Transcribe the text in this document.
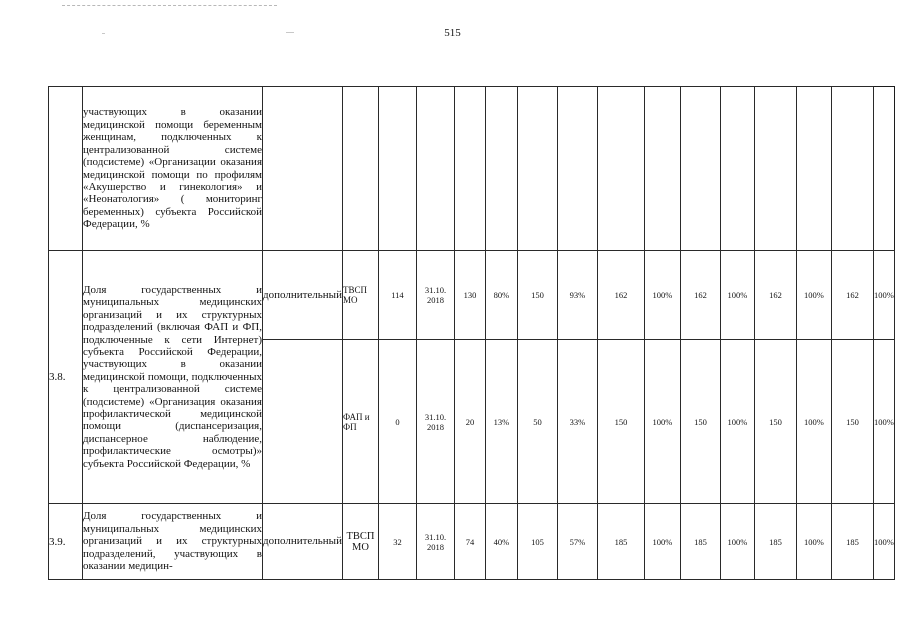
515
	участвующих в оказании медицинской помощи беременным женщинам, подключенных к централизованной системе (подсистеме) «Организации оказания медицинской помощи по профилям «Акушерство и гинекология» и «Неонатология» ( мониторинг беременных) субъекта Российской Федерации, %																
3.8.	Доля государственных и муниципальных медицинских организаций и их структурных подразделений (включая ФАП и ФП, подключенные к сети Интернет) субъекта Российской Федерации, участвующих в оказании медицинской помощи, подключенных к централизованной системе (подсистеме) «Организация оказания профилактической медицинской помощи (диспансеризация, диспансерное наблюдение, профилактические осмотры)» субъекта Российской Федерации, %	дополнительный	ТВСП МО	114	31.10. 2018	130	80%	150	93%	162	100%	162	100%	162	100%	162	100%
			ФАП и ФП	0	31.10. 2018	20	13%	50	33%	150	100%	150	100%	150	100%	150	100%
3.9.	Доля государственных и муниципальных медицинских организаций и их структурных подразделений, участвующих в оказании медицин-	дополнительный	ТВСП МО	32	31.10. 2018	74	40%	105	57%	185	100%	185	100%	185	100%	185	100%
